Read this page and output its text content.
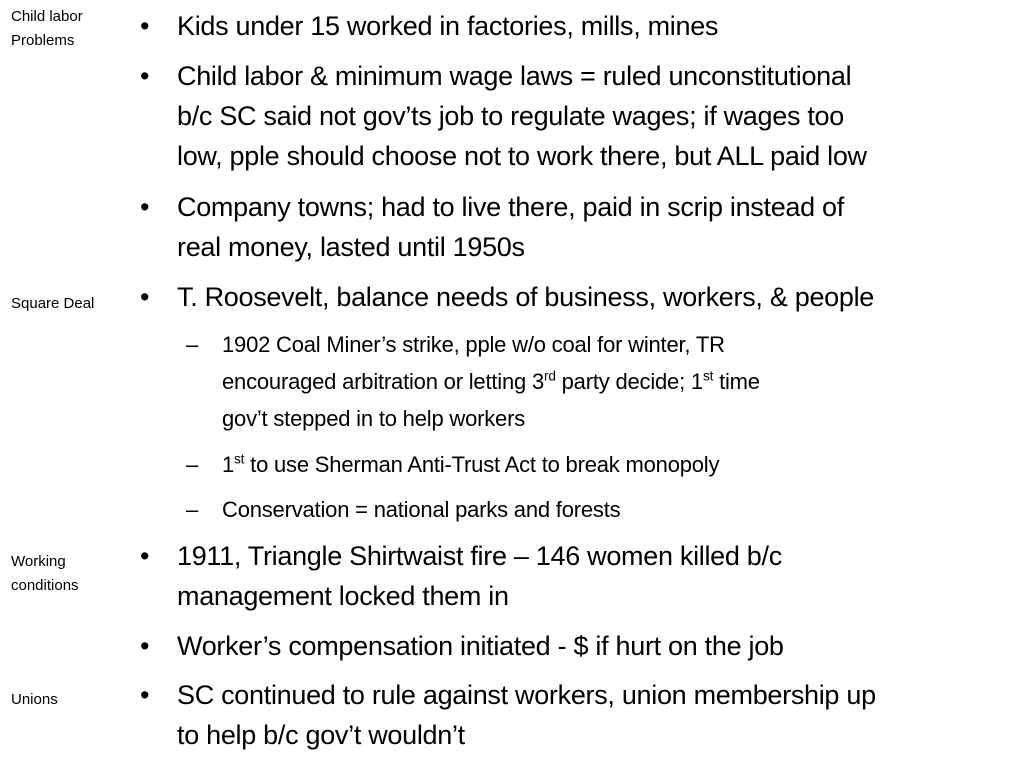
Child labor
Problems
Square Deal
Working
conditions
Unions
•	Kids under 15 worked in factories, mills, mines
•	Child labor & minimum wage laws = ruled unconstitutional
b/c SC said not gov’ts job to regulate wages; if wages too
low, pple should choose not to work there, but ALL paid low
•	Company towns; had to live there, paid in scrip instead of
real money, lasted until 1950s
•	T. Roosevelt, balance needs of business, workers, & people
– 1902 Coal Miner’s strike, pple w/o coal for winter, TR
encouraged arbitration or letting 3rd party decide; 1st time
gov’t stepped in to help workers
– 1st to use Sherman Anti-Trust Act to break monopoly
– Conservation = national parks and forests
•	1911, Triangle Shirtwaist fire – 146 women killed b/c
management locked them in
•	Worker’s compensation initiated - $ if hurt on the job
•	SC continued to rule against workers, union membership up
to help b/c gov’t wouldn’t
